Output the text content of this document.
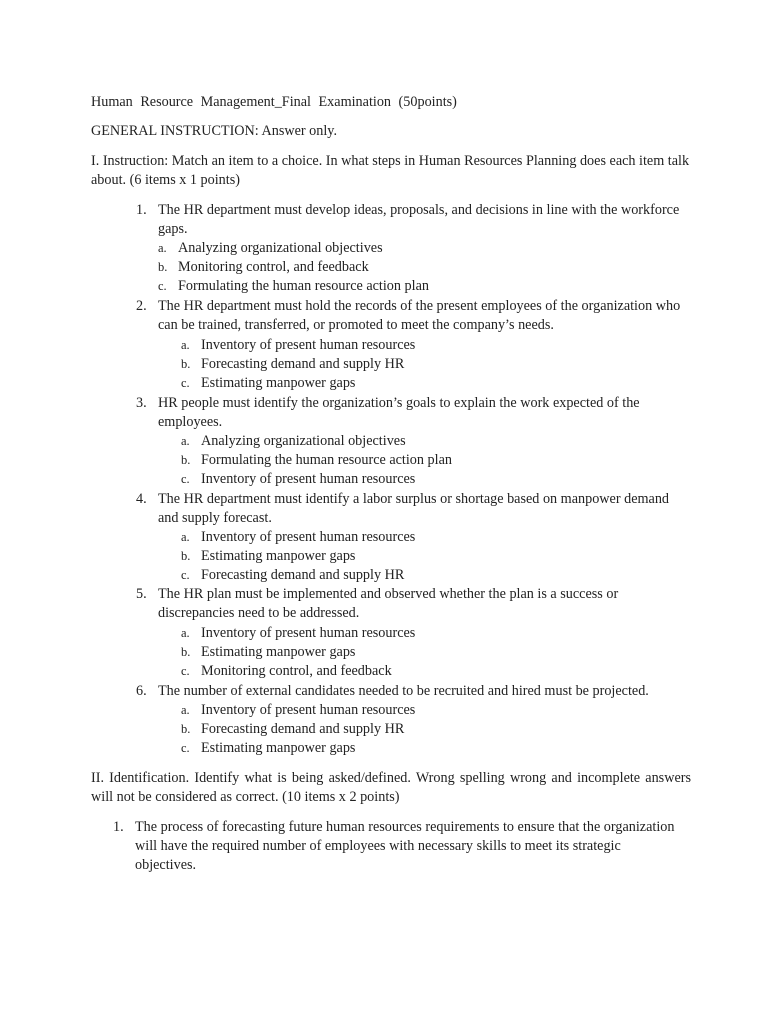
Human Resource Management_Final Examination (50points)

GENERAL INSTRUCTION: Answer only.

I. Instruction: Match an item to a choice. In what steps in Human Resources Planning does each item talk about. (6 items x 1 points)

1. The HR department must develop ideas, proposals, and decisions in line with the workforce gaps.
a. Analyzing organizational objectives
b. Monitoring control, and feedback
c. Formulating the human resource action plan
2. The HR department must hold the records of the present employees of the organization who can be trained, transferred, or promoted to meet the company’s needs.
a. Inventory of present human resources
b. Forecasting demand and supply HR
c. Estimating manpower gaps
3. HR people must identify the organization’s goals to explain the work expected of the employees.
a. Analyzing organizational objectives
b. Formulating the human resource action plan
c. Inventory of present human resources
4. The HR department must identify a labor surplus or shortage based on manpower demand and supply forecast.
a. Inventory of present human resources
b. Estimating manpower gaps
c. Forecasting demand and supply HR
5. The HR plan must be implemented and observed whether the plan is a success or discrepancies need to be addressed.
a. Inventory of present human resources
b. Estimating manpower gaps
c. Monitoring control, and feedback
6. The number of external candidates needed to be recruited and hired must be projected.
a. Inventory of present human resources
b. Forecasting demand and supply HR
c. Estimating manpower gaps

II. Identification. Identify what is being asked/defined. Wrong spelling wrong and incomplete answers will not be considered as correct. (10 items x 2 points)

1. The process of forecasting future human resources requirements to ensure that the organization will have the required number of employees with necessary skills to meet its strategic objectives.
